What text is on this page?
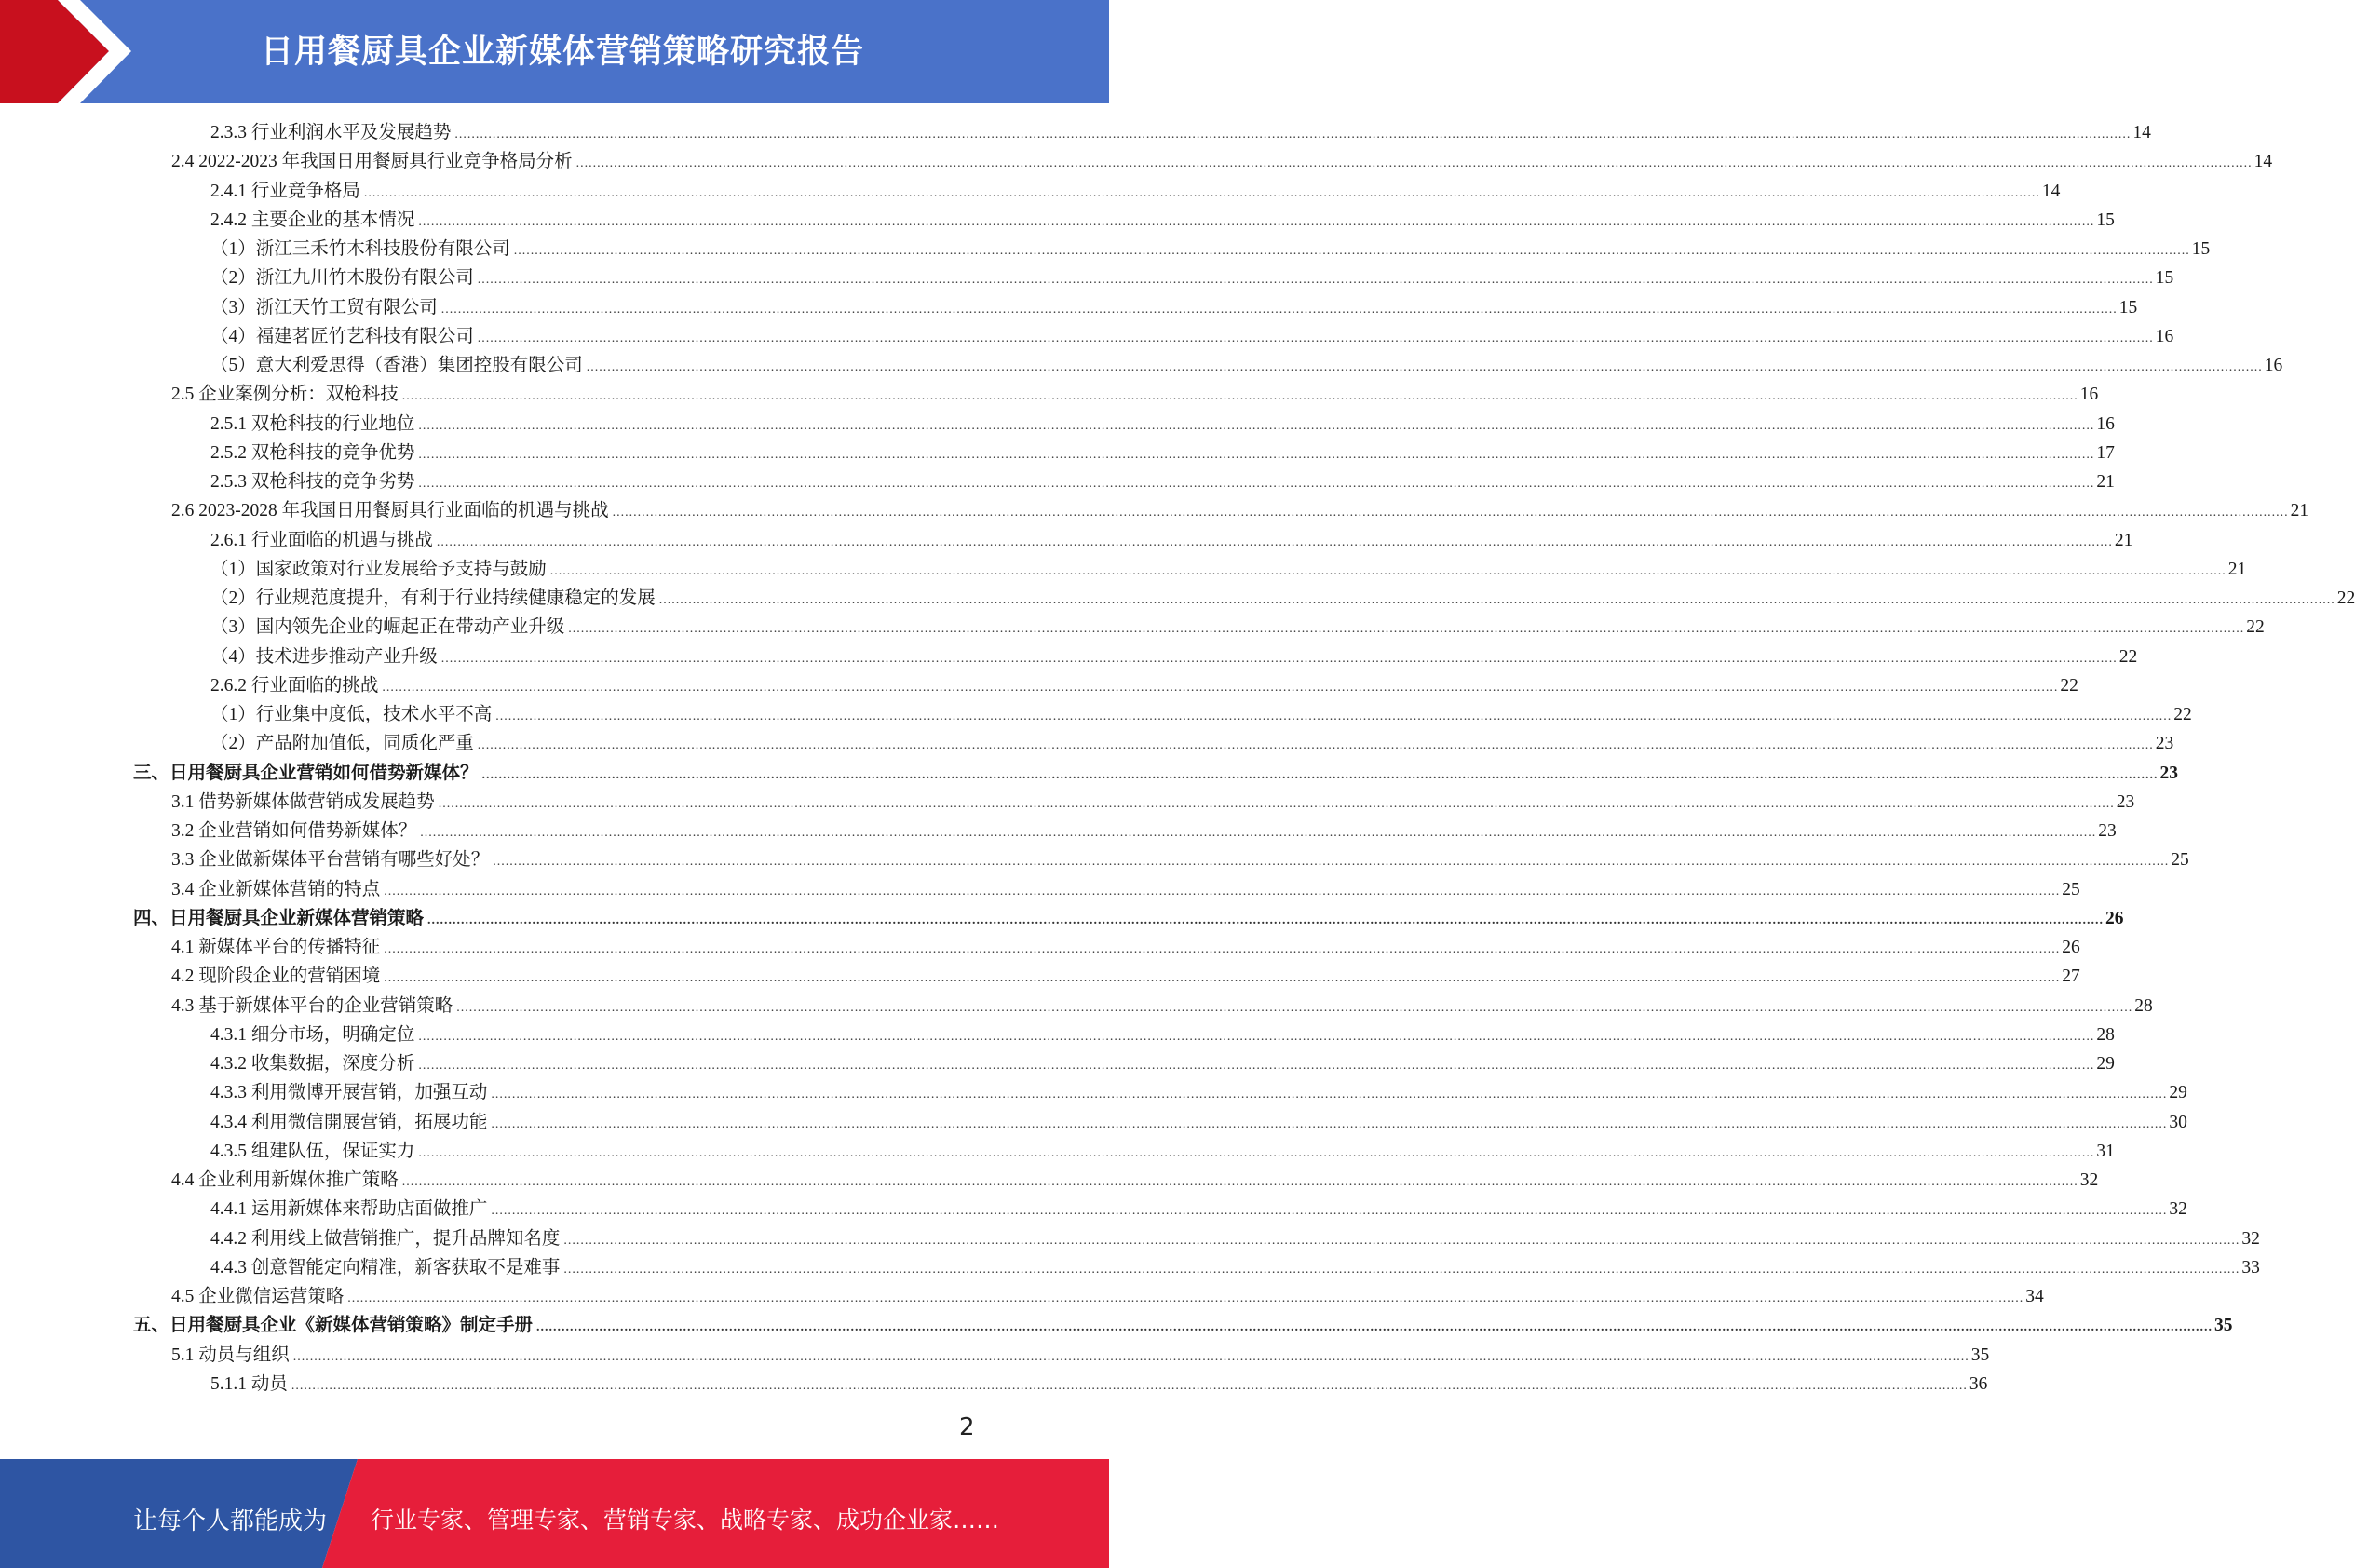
日用餐厨具企业新媒体营销策略研究报告
2.3.3 行业利润水平及发展趋势 ................................................................................................................................................................................................................................................................................................................................................................................................................ 14
2.4 2022-2023 年我国日用餐厨具行业竞争格局分析 ................................................................................................................................................................................................................................................................................................................................................................................................................ 14
2.4.1 行业竞争格局 ................................................................................................................................................................................................................................................................................................................................................................................................................ 14
2.4.2 主要企业的基本情况 ................................................................................................................................................................................................................................................................................................................................................................................................................ 15
（1）浙江三禾竹木科技股份有限公司 ................................................................................................................................................................................................................................................................................................................................................................................................................ 15
（2）浙江九川竹木股份有限公司 ................................................................................................................................................................................................................................................................................................................................................................................................................ 15
（3）浙江天竹工贸有限公司 ................................................................................................................................................................................................................................................................................................................................................................................................................ 15
（4）福建茗匠竹艺科技有限公司 ................................................................................................................................................................................................................................................................................................................................................................................................................ 16
（5）意大利爱思得（香港）集团控股有限公司 ................................................................................................................................................................................................................................................................................................................................................................................................................ 16
2.5 企业案例分析：双枪科技 ................................................................................................................................................................................................................................................................................................................................................................................................................ 16
2.5.1 双枪科技的行业地位 ................................................................................................................................................................................................................................................................................................................................................................................................................ 16
2.5.2 双枪科技的竞争优势 ................................................................................................................................................................................................................................................................................................................................................................................................................ 17
2.5.3 双枪科技的竞争劣势 ................................................................................................................................................................................................................................................................................................................................................................................................................ 21
2.6 2023-2028 年我国日用餐厨具行业面临的机遇与挑战 ................................................................................................................................................................................................................................................................................................................................................................................................................ 21
2.6.1 行业面临的机遇与挑战 ................................................................................................................................................................................................................................................................................................................................................................................................................ 21
（1）国家政策对行业发展给予支持与鼓励 ................................................................................................................................................................................................................................................................................................................................................................................................................ 21
（2）行业规范度提升，有利于行业持续健康稳定的发展 ................................................................................................................................................................................................................................................................................................................................................................................................................ 22
（3）国内领先企业的崛起正在带动产业升级 ................................................................................................................................................................................................................................................................................................................................................................................................................ 22
（4）技术进步推动产业升级 ................................................................................................................................................................................................................................................................................................................................................................................................................ 22
2.6.2 行业面临的挑战 ................................................................................................................................................................................................................................................................................................................................................................................................................ 22
（1）行业集中度低，技术水平不高 ................................................................................................................................................................................................................................................................................................................................................................................................................ 22
（2）产品附加值低，同质化严重 ................................................................................................................................................................................................................................................................................................................................................................................................................ 23
三、日用餐厨具企业营销如何借势新媒体？ ................................................................................................................................................................................................................................................................................................................................................................................................................ 23
3.1 借势新媒体做营销成发展趋势 ................................................................................................................................................................................................................................................................................................................................................................................................................ 23
3.2 企业营销如何借势新媒体？ ................................................................................................................................................................................................................................................................................................................................................................................................................ 23
3.3 企业做新媒体平台营销有哪些好处？ ................................................................................................................................................................................................................................................................................................................................................................................................................ 25
3.4 企业新媒体营销的特点 ................................................................................................................................................................................................................................................................................................................................................................................................................ 25
四、日用餐厨具企业新媒体营销策略 ................................................................................................................................................................................................................................................................................................................................................................................................................ 26
4.1 新媒体平台的传播特征 ................................................................................................................................................................................................................................................................................................................................................................................................................ 26
4.2 现阶段企业的营销困境 ................................................................................................................................................................................................................................................................................................................................................................................................................ 27
4.3 基于新媒体平台的企业营销策略 ................................................................................................................................................................................................................................................................................................................................................................................................................ 28
4.3.1 细分市场，明确定位 ................................................................................................................................................................................................................................................................................................................................................................................................................ 28
4.3.2 收集数据，深度分析 ................................................................................................................................................................................................................................................................................................................................................................................................................ 29
4.3.3 利用微博开展营销，加强互动 ................................................................................................................................................................................................................................................................................................................................................................................................................ 29
4.3.4 利用微信開展营销，拓展功能 ................................................................................................................................................................................................................................................................................................................................................................................................................ 30
4.3.5 组建队伍，保证实力 ................................................................................................................................................................................................................................................................................................................................................................................................................ 31
4.4 企业利用新媒体推广策略 ................................................................................................................................................................................................................................................................................................................................................................................................................ 32
4.4.1 运用新媒体来帮助店面做推广 ................................................................................................................................................................................................................................................................................................................................................................................................................ 32
4.4.2 利用线上做营销推广，提升品牌知名度 ................................................................................................................................................................................................................................................................................................................................................................................................................ 32
4.4.3 创意智能定向精准，新客获取不是难事 ................................................................................................................................................................................................................................................................................................................................................................................................................ 33
4.5 企业微信运营策略 ................................................................................................................................................................................................................................................................................................................................................................................................................ 34
五、日用餐厨具企业《新媒体营销策略》制定手册 ................................................................................................................................................................................................................................................................................................................................................................................................................ 35
5.1 动员与组织 ................................................................................................................................................................................................................................................................................................................................................................................................................ 35
5.1.1 动员 ................................................................................................................................................................................................................................................................................................................................................................................................................ 36
2
让每个人都能成为 行业专家、管理专家、营销专家、战略专家、成功企业家……
